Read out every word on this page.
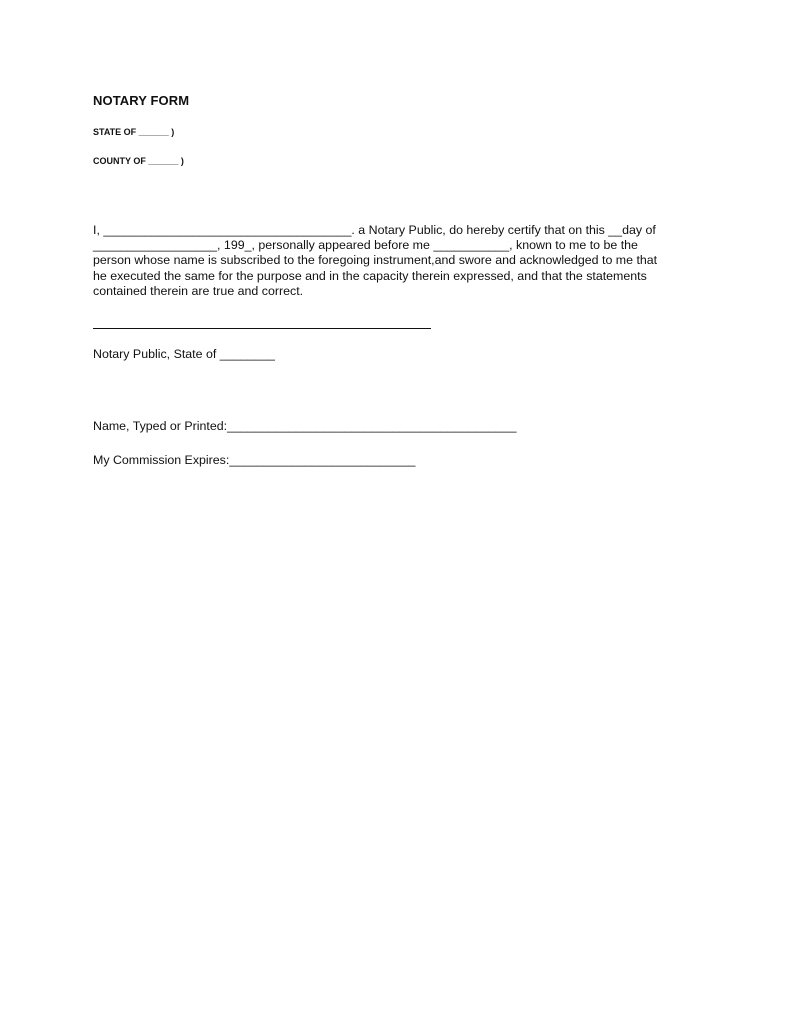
NOTARY FORM
STATE OF ______ )
COUNTY OF ______ )
I, ____________________________________. a Notary Public, do hereby certify that on this __day of
__________________, 199_, personally appeared before me ___________, known to me to be the
person whose name is subscribed to the foregoing instrument,and swore and acknowledged to me that
he executed the same for the purpose and in the capacity therein expressed, and that the statements
contained therein are true and correct.
Notary Public, State of ________
Name, Typed or Printed:__________________________________________
My Commission Expires:___________________________
